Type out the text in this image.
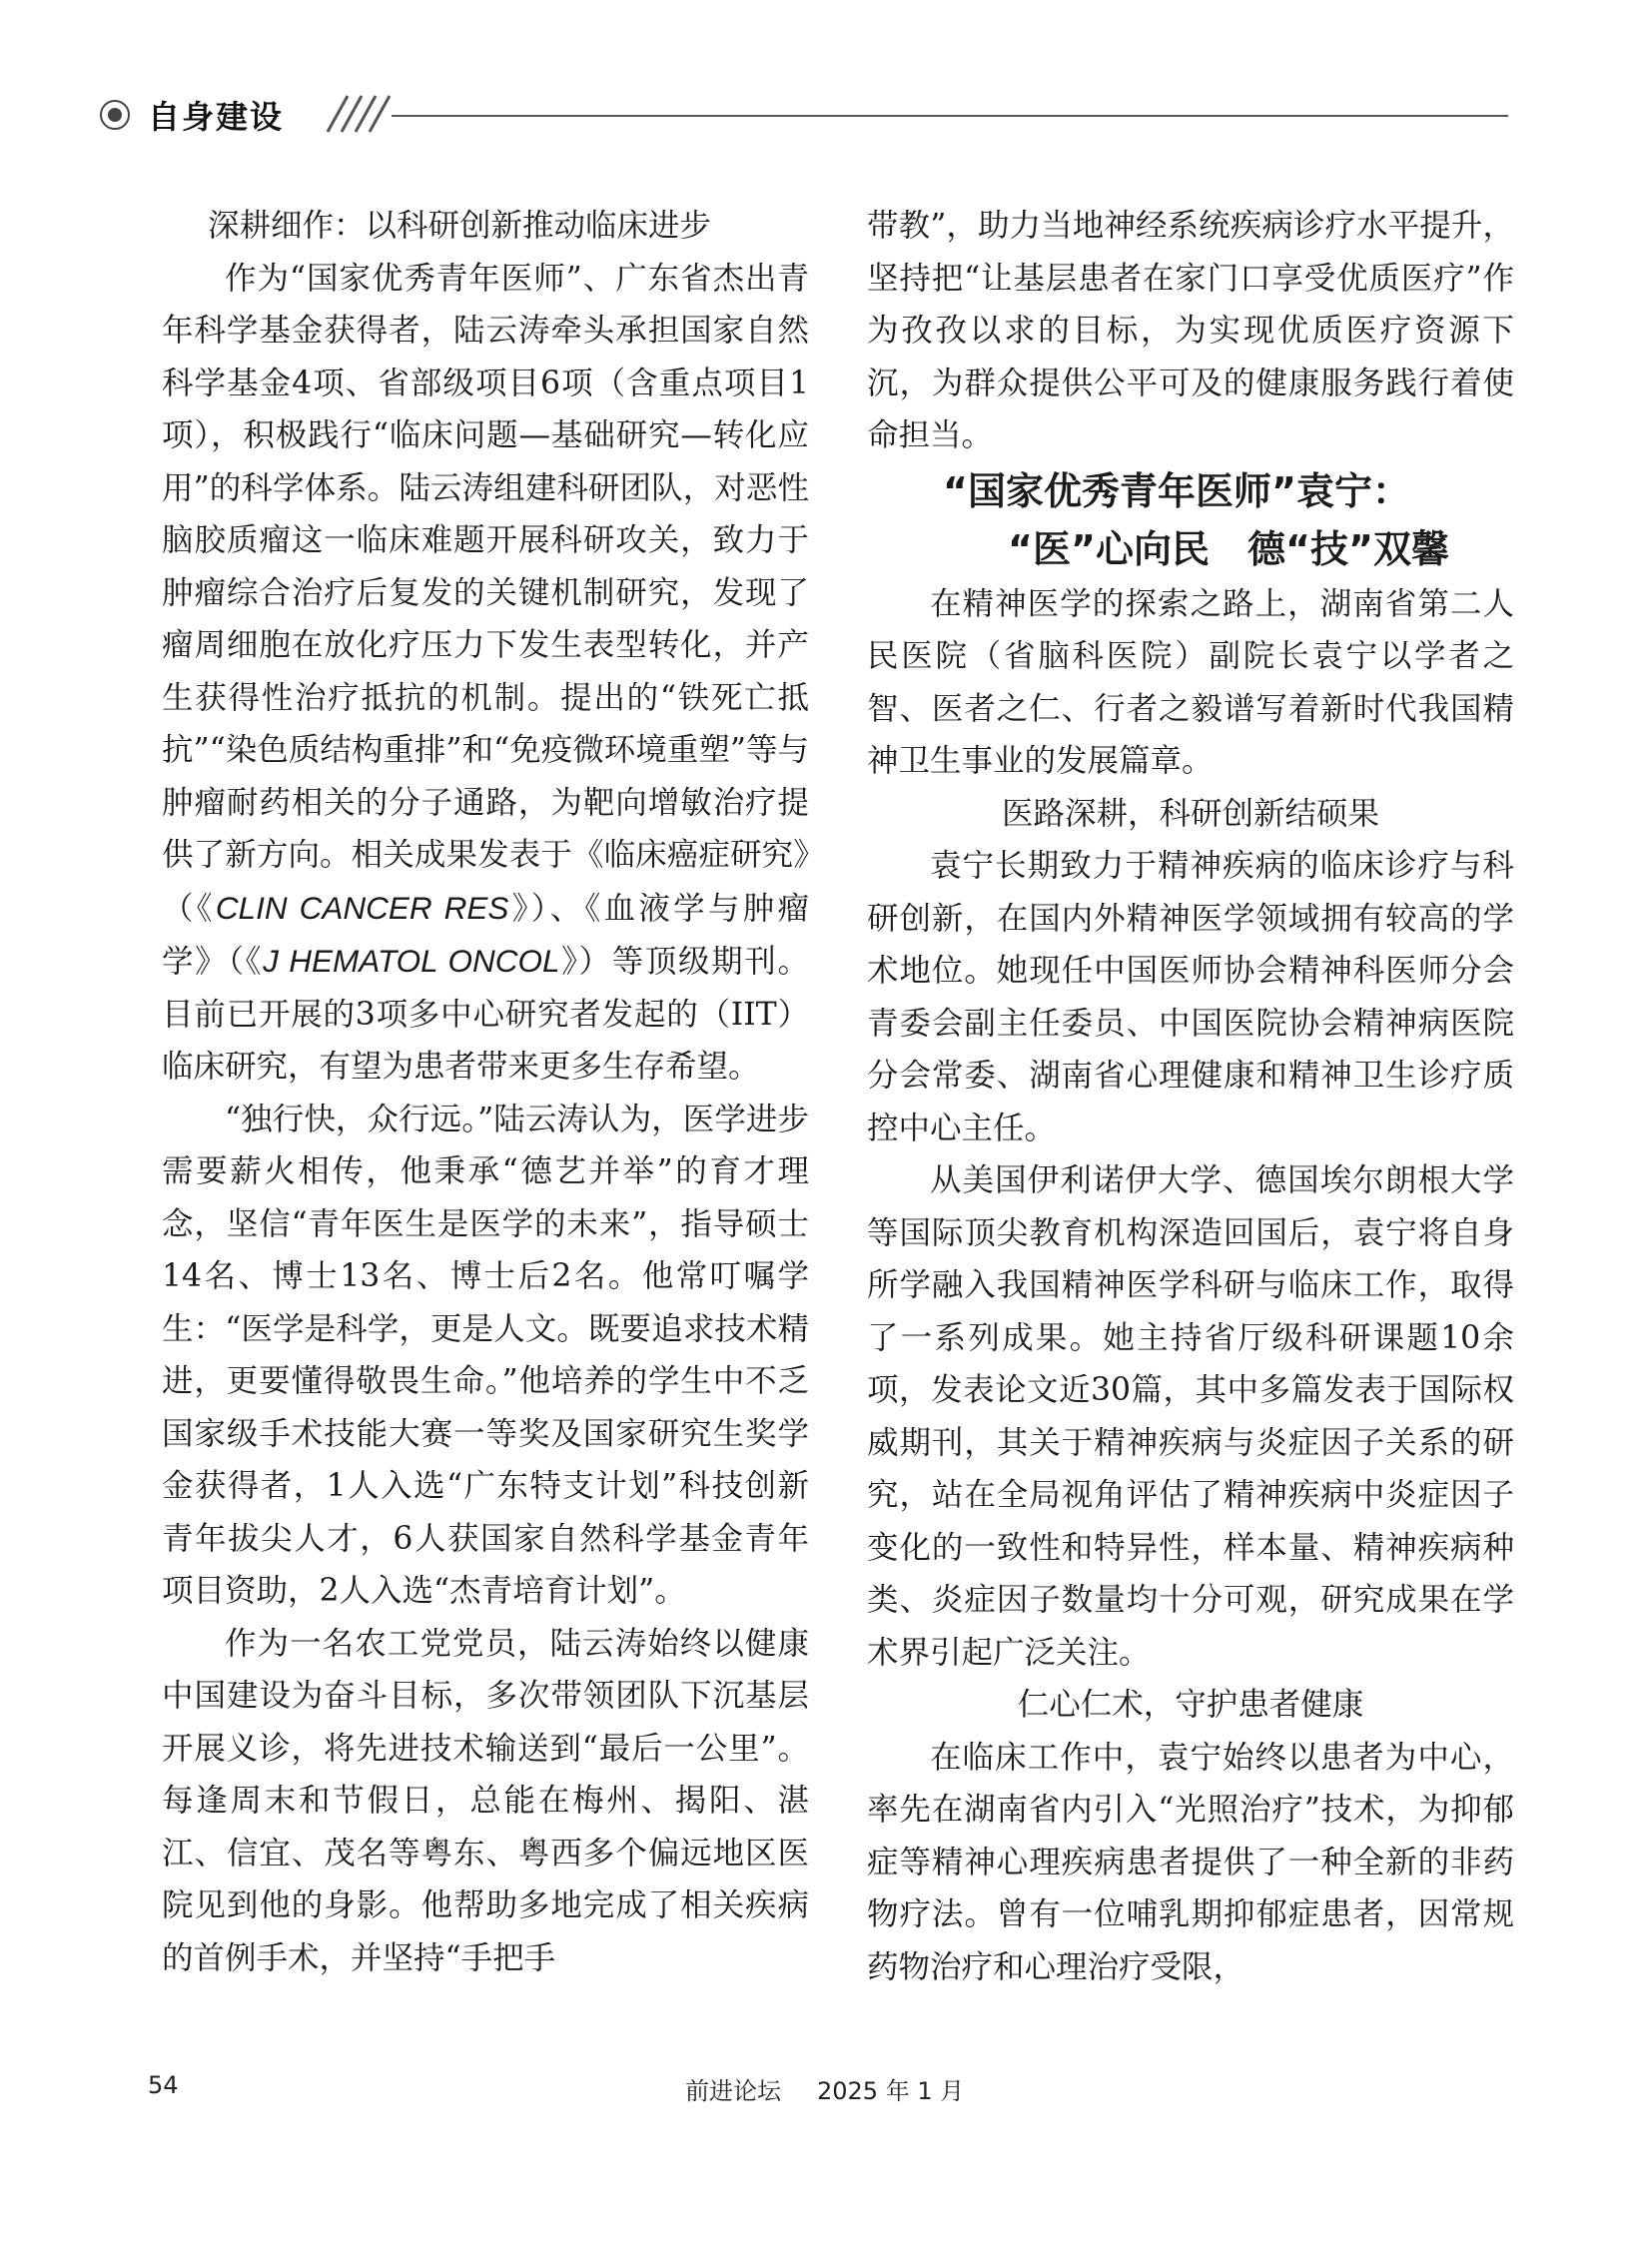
自身建设

深耕细作：以科研创新推动临床进步

作为“国家优秀青年医师”、广东省杰出青年科学基金获得者，陆云涛牵头承担国家自然科学基金4项、省部级项目6项（含重点项目1项），积极践行“临床问题—基础研究—转化应用”的科学体系。陆云涛组建科研团队，对恶性脑胶质瘤这一临床难题开展科研攻关，致力于肿瘤综合治疗后复发的关键机制研究，发现了瘤周细胞在放化疗压力下发生表型转化，并产生获得性治疗抵抗的机制。提出的“铁死亡抵抗”“染色质结构重排”和“免疫微环境重塑”等与肿瘤耐药相关的分子通路，为靶向增敏治疗提供了新方向。相关成果发表于《临床癌症研究》（《CLIN CANCER RES》）、《血液学与肿瘤学》（《J HEMATOL ONCOL》）等顶级期刊。目前已开展的3项多中心研究者发起的（IIT）临床研究，有望为患者带来更多生存希望。

“独行快，众行远。”陆云涛认为，医学进步需要薪火相传，他秉承“德艺并举”的育才理念，坚信“青年医生是医学的未来”，指导硕士14名、博士13名、博士后2名。他常叮嘱学生：“医学是科学，更是人文。既要追求技术精进，更要懂得敬畏生命。”他培养的学生中不乏国家级手术技能大赛一等奖及国家研究生奖学金获得者，1人入选“广东特支计划”科技创新青年拔尖人才，6人获国家自然科学基金青年项目资助，2人入选“杰青培育计划”。

作为一名农工党党员，陆云涛始终以健康中国建设为奋斗目标，多次带领团队下沉基层开展义诊，将先进技术输送到“最后一公里”。每逢周末和节假日，总能在梅州、揭阳、湛江、信宜、茂名等粤东、粤西多个偏远地区医院见到他的身影。他帮助多地完成了相关疾病的首例手术，并坚持“手把手

带教”，助力当地神经系统疾病诊疗水平提升，坚持把“让基层患者在家门口享受优质医疗”作为孜孜以求的目标，为实现优质医疗资源下沉，为群众提供公平可及的健康服务践行着使命担当。

“国家优秀青年医师”袁宁：

“医”心向民　德“技”双馨

在精神医学的探索之路上，湖南省第二人民医院（省脑科医院）副院长袁宁以学者之智、医者之仁、行者之毅谱写着新时代我国精神卫生事业的发展篇章。

医路深耕，科研创新结硕果

袁宁长期致力于精神疾病的临床诊疗与科研创新，在国内外精神医学领域拥有较高的学术地位。她现任中国医师协会精神科医师分会青委会副主任委员、中国医院协会精神病医院分会常委、湖南省心理健康和精神卫生诊疗质控中心主任。

从美国伊利诺伊大学、德国埃尔朗根大学等国际顶尖教育机构深造回国后，袁宁将自身所学融入我国精神医学科研与临床工作，取得了一系列成果。她主持省厅级科研课题10余项，发表论文近30篇，其中多篇发表于国际权威期刊，其关于精神疾病与炎症因子关系的研究，站在全局视角评估了精神疾病中炎症因子变化的一致性和特异性，样本量、精神疾病种类、炎症因子数量均十分可观，研究成果在学术界引起广泛关注。

仁心仁术，守护患者健康

在临床工作中，袁宁始终以患者为中心，率先在湖南省内引入“光照治疗”技术，为抑郁症等精神心理疾病患者提供了一种全新的非药物疗法。曾有一位哺乳期抑郁症患者，因常规药物治疗和心理治疗受限，

54	前进论坛 2025 年 1 月
